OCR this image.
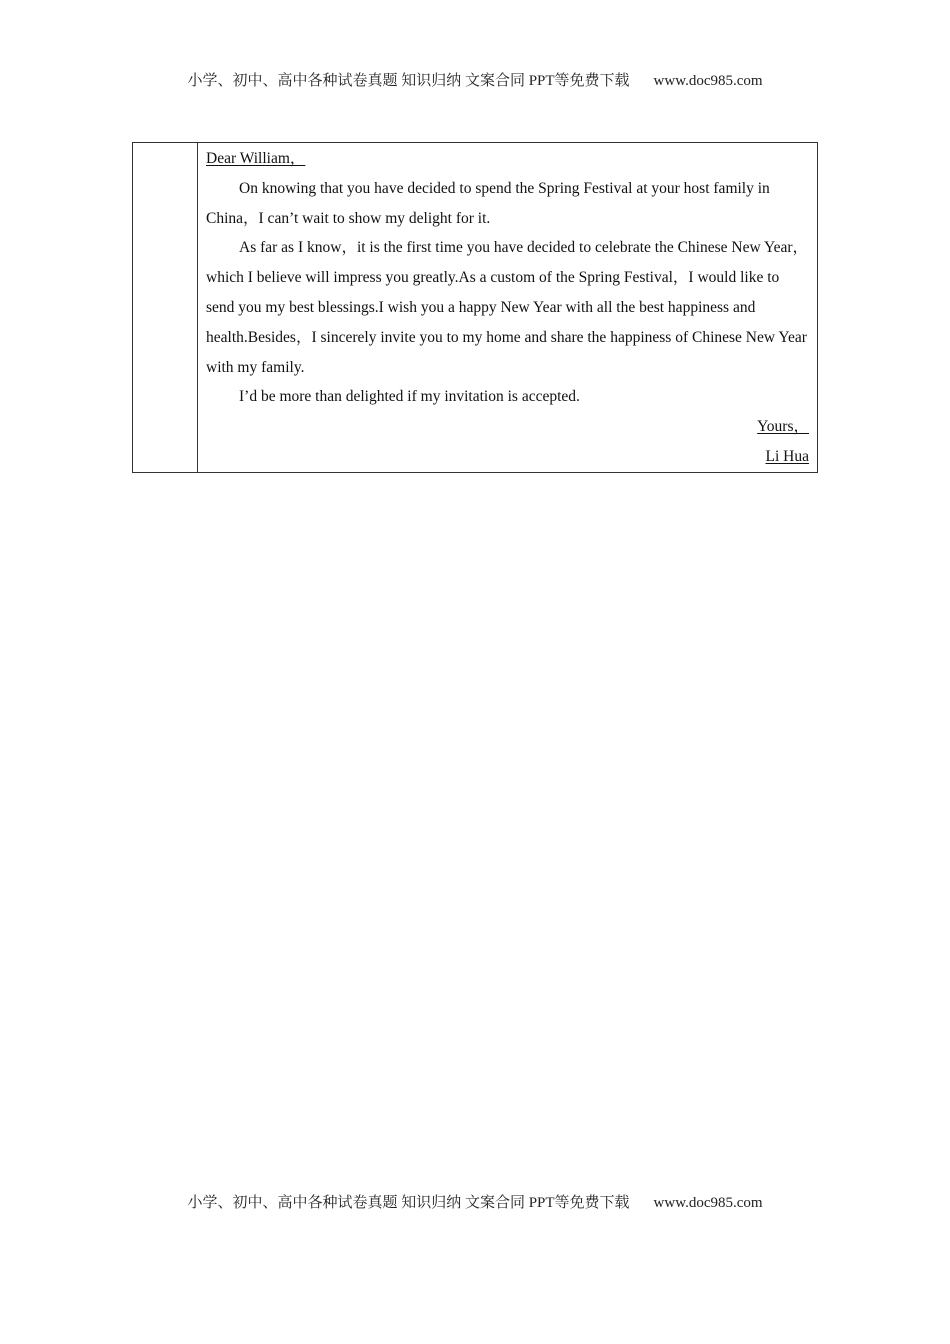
小学、初中、高中各种试卷真题 知识归纳 文案合同 PPT等免费下载 www.doc985.com

Dear William，

On knowing that you have decided to spend the Spring Festival at your host family in China，I can’t wait to show my delight for it.

As far as I know，it is the first time you have decided to celebrate the Chinese New Year，which I believe will impress you greatly.As a custom of the Spring Festival，I would like to send you my best blessings.I wish you a happy New Year with all the best happiness and health.Besides，I sincerely invite you to my home and share the happiness of Chinese New Year with my family.

I’d be more than delighted if my invitation is accepted.

Yours，

Li Hua

小学、初中、高中各种试卷真题 知识归纳 文案合同 PPT等免费下载 www.doc985.com
